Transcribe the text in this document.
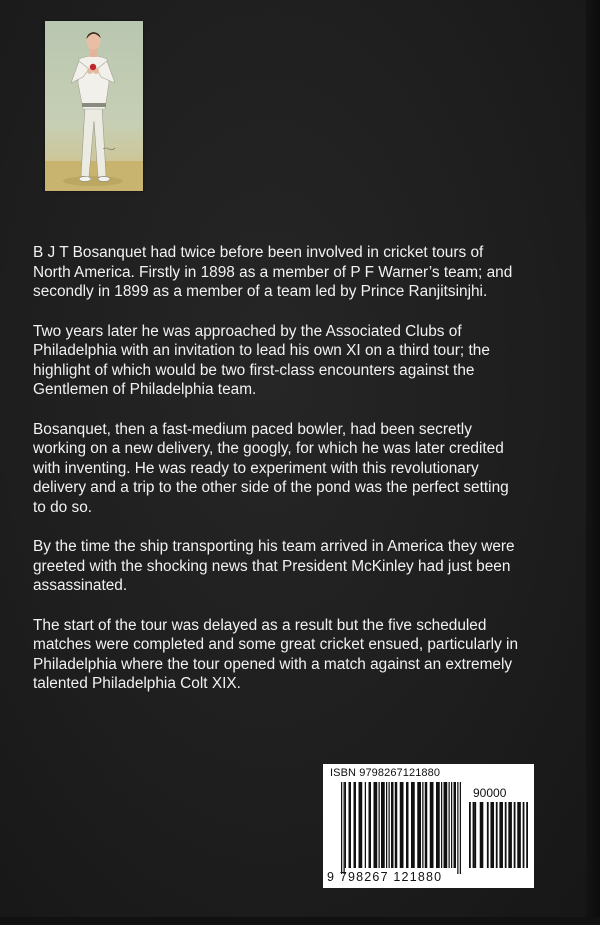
B J T Bosanquet had twice before been involved in cricket tours of
North America. Firstly in 1898 as a member of P F Warner’s team; and
secondly in 1899 as a member of a team led by Prince Ranjitsinjhi.

Two years later he was approached by the Associated Clubs of
Philadelphia with an invitation to lead his own XI on a third tour; the
highlight of which would be two first-class encounters against the
Gentlemen of Philadelphia team.

Bosanquet, then a fast-medium paced bowler, had been secretly
working on a new delivery, the googly, for which he was later credited
with inventing. He was ready to experiment with this revolutionary
delivery and a trip to the other side of the pond was the perfect setting
to do so.

By the time the ship transporting his team arrived in America they were
greeted with the shocking news that President McKinley had just been
assassinated.

The start of the tour was delayed as a result but the five scheduled
matches were completed and some great cricket ensued, particularly in
Philadelphia where the tour opened with a match against an extremely
talented Philadelphia Colt XIX.

ISBN 9798267121880
90000
9 798267 121880
